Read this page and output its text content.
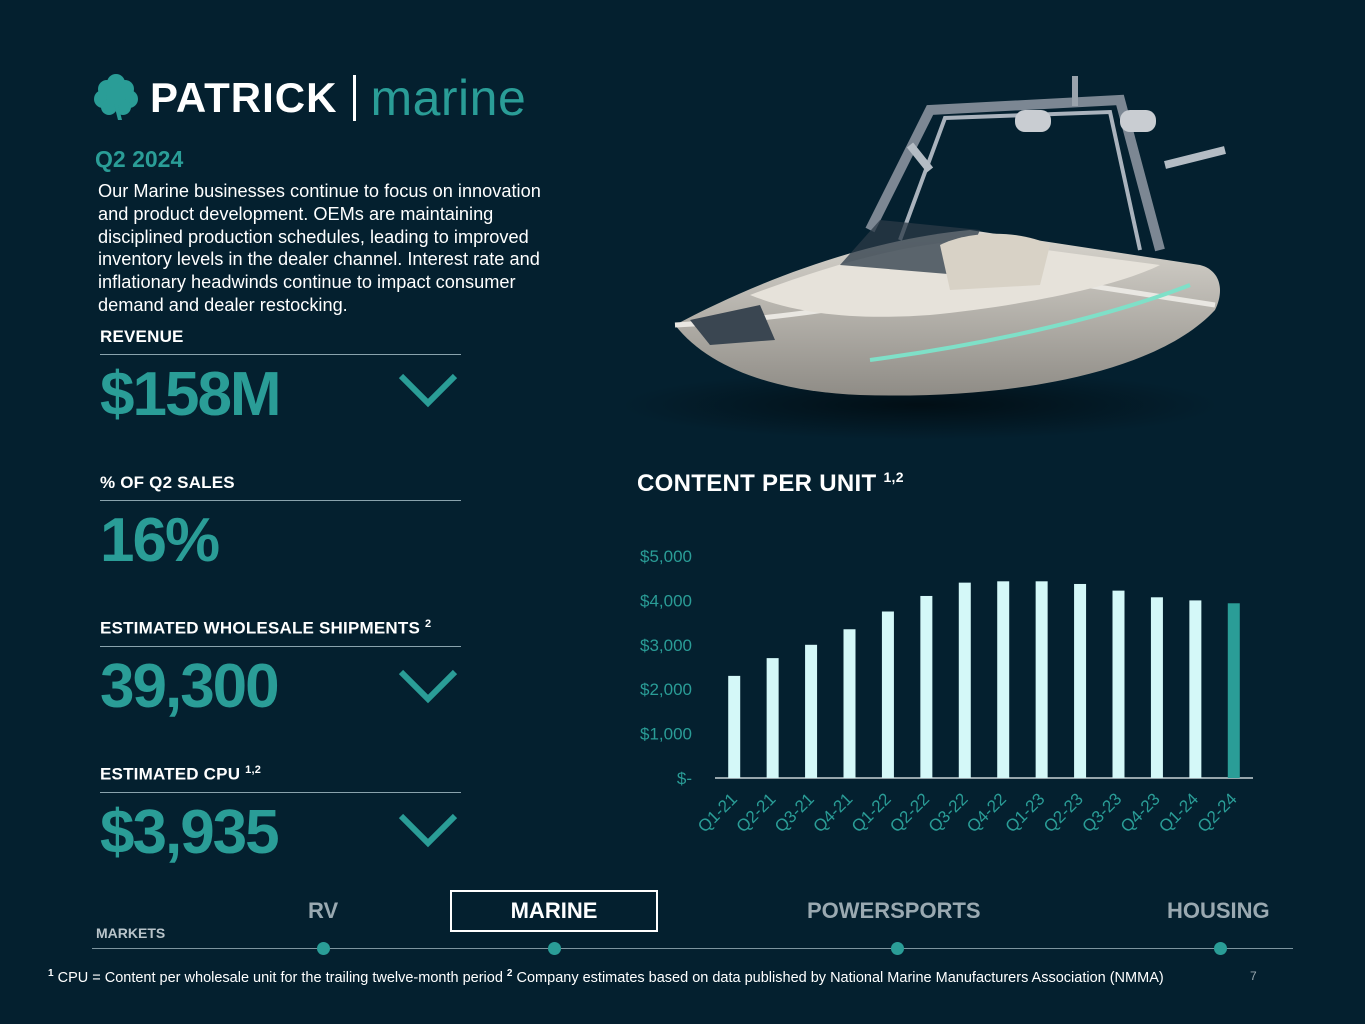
PATRICK marine
Q2 2024
Our Marine businesses continue to focus on innovation and product development. OEMs are maintaining disciplined production schedules, leading to improved inventory levels in the dealer channel. Interest rate and inflationary headwinds continue to impact consumer demand and dealer restocking.
REVENUE
$158M
% OF Q2 SALES
16%
ESTIMATED WHOLESALE SHIPMENTS $^2$
39,300
ESTIMATED CPU $^{1,2}$
$3,935
CONTENT PER UNIT $^{1,2}$
$-
$1,000
$2,000
$3,000
$4,000
$5,000
Q1-21
Q2-21
Q3-21
Q4-21
Q1-22
Q2-22
Q3-22
Q4-22
Q1-23
Q2-23
Q3-23
Q4-23
Q1-24
Q2-24
MARKETS
RV	MARINE	POWERSPORTS	HOUSING
$^1$ CPU = Content per wholesale unit for the trailing twelve-month period $^2$ Company estimates based on data published by National Marine Manufacturers Association (NMMA)	7
